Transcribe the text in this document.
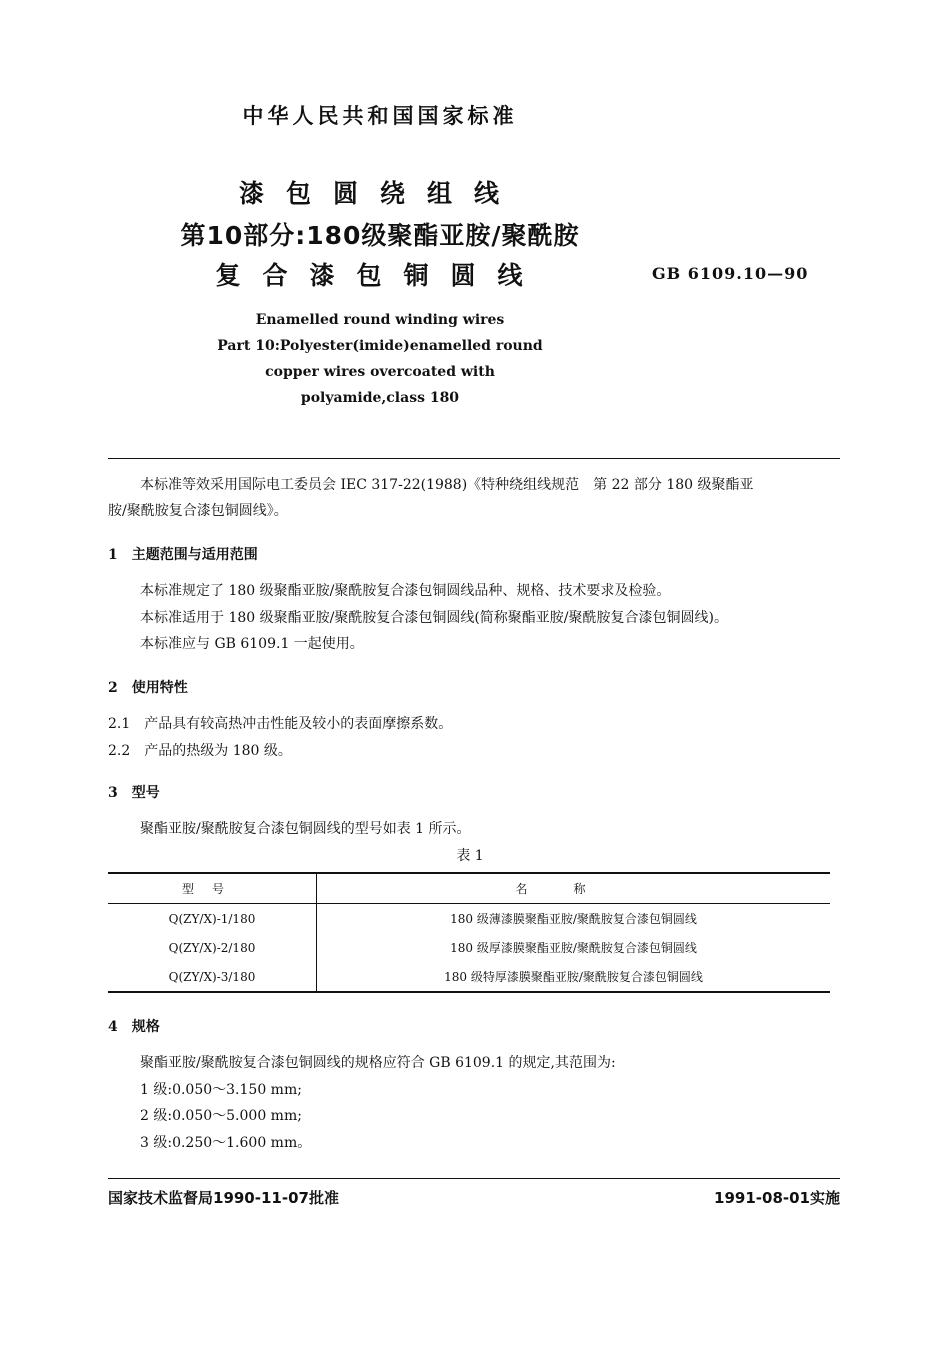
中华人民共和国国家标准
漆包圆绕组线
第10部分:180级聚酯亚胺/聚酰胺
复合漆包铜圆线	GB 6109.10—90
Enamelled round winding wires
Part 10:Polyester(imide)enamelled round
copper wires overcoated with
polyamide,class 180
本标准等效采用国际电工委员会 IEC 317-22(1988)《特种绕组线规范　第 22 部分 180 级聚酯亚
胺/聚酰胺复合漆包铜圆线》。
1　主题范围与适用范围
本标准规定了 180 级聚酯亚胺/聚酰胺复合漆包铜圆线品种、规格、技术要求及检验。
本标准适用于 180 级聚酯亚胺/聚酰胺复合漆包铜圆线(简称聚酯亚胺/聚酰胺复合漆包铜圆线)。
本标准应与 GB 6109.1 一起使用。
2　使用特性
2.1　产品具有较高热冲击性能及较小的表面摩擦系数。
2.2　产品的热级为 180 级。
3　型号
聚酯亚胺/聚酰胺复合漆包铜圆线的型号如表 1 所示。
表 1
型号	名称
Q(ZY/X)-1/180	180 级薄漆膜聚酯亚胺/聚酰胺复合漆包铜圆线
Q(ZY/X)-2/180	180 级厚漆膜聚酯亚胺/聚酰胺复合漆包铜圆线
Q(ZY/X)-3/180	180 级特厚漆膜聚酯亚胺/聚酰胺复合漆包铜圆线
4　规格
聚酯亚胺/聚酰胺复合漆包铜圆线的规格应符合 GB 6109.1 的规定,其范围为:
1 级:0.050～3.150 mm;
2 级:0.050～5.000 mm;
3 级:0.250～1.600 mm。
国家技术监督局1990-11-07批准	1991-08-01实施
